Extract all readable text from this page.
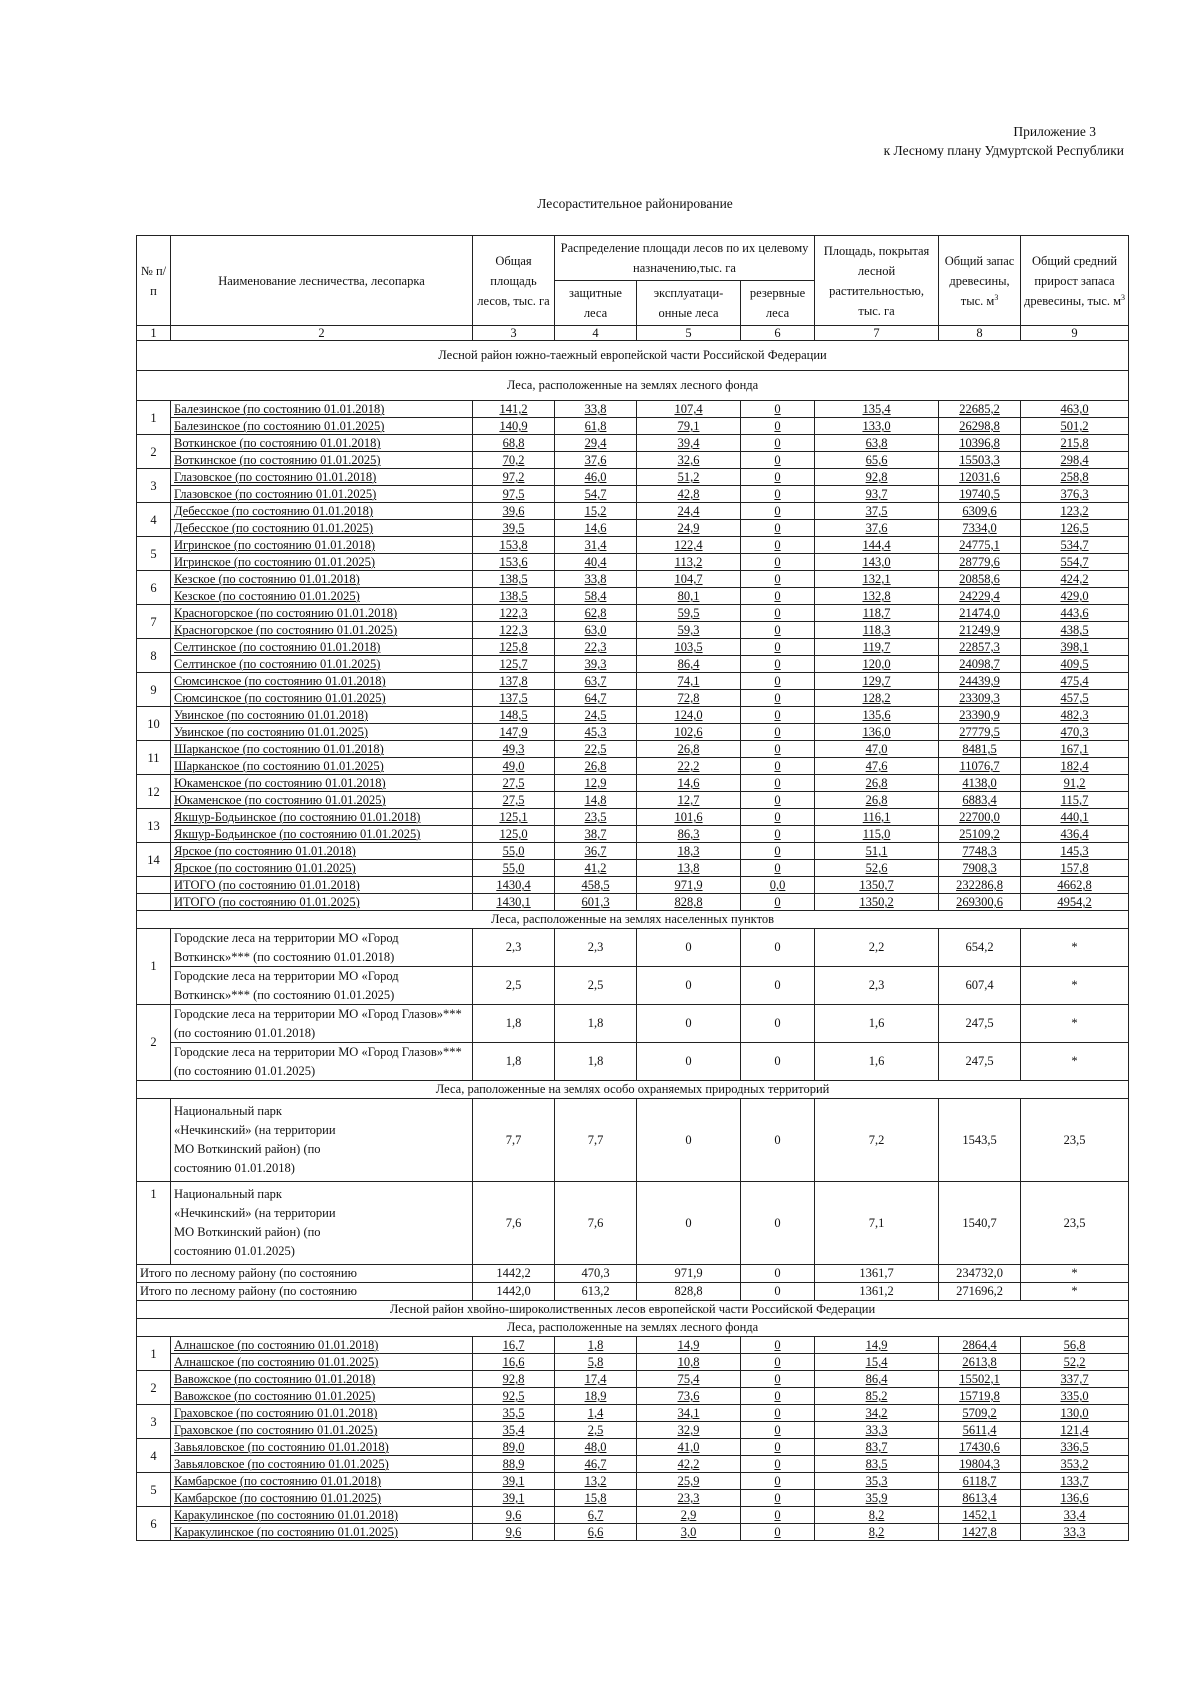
Приложение 3
к Лесному плану Удмуртской Республики
Лесорастительное районирование
№ п/п	Наименование лесничества, лесопарка	Общая площадь лесов, тыс. га	Распределение площади лесов по их целевому назначению,тыс. га			Площадь, покрытая лесной растительностью, тыс. га	Общий запас древесины, тыс. $м^3$	Общий средний прирост запаса древесины, тыс. $м^3$
			защитные леса	эксплуатаци-онные леса	резервные леса			
1	2	3	4	5	6	7	8	9
Лесной район южно-таежный европейской части Российской Федерации								
Леса, расположенные на землях лесного фонда								
1	Балезинское (по состоянию 01.01.2018)	141,2	33,8	107,4	0	135,4	22685,2	463,0
	Балезинское (по состоянию 01.01.2025)	140,9	61,8	79,1	0	133,0	26298,8	501,2
2	Воткинское (по состоянию 01.01.2018)	68,8	29,4	39,4	0	63,8	10396,8	215,8
	Воткинское (по состоянию 01.01.2025)	70,2	37,6	32,6	0	65,6	15503,3	298,4
3	Глазовское (по состоянию 01.01.2018)	97,2	46,0	51,2	0	92,8	12031,6	258,8
	Глазовское (по состоянию 01.01.2025)	97,5	54,7	42,8	0	93,7	19740,5	376,3
4	Дебесское (по состоянию 01.01.2018)	39,6	15,2	24,4	0	37,5	6309,6	123,2
	Дебесское (по состоянию 01.01.2025)	39,5	14,6	24,9	0	37,6	7334,0	126,5
5	Игринское (по состоянию 01.01.2018)	153,8	31,4	122,4	0	144,4	24775,1	534,7
	Игринское (по состоянию 01.01.2025)	153,6	40,4	113,2	0	143,0	28779,6	554,7
6	Кезское (по состоянию 01.01.2018)	138,5	33,8	104,7	0	132,1	20858,6	424,2
	Кезское (по состоянию 01.01.2025)	138,5	58,4	80,1	0	132,8	24229,4	429,0
7	Красногорское (по состоянию 01.01.2018)	122,3	62,8	59,5	0	118,7	21474,0	443,6
	Красногорское (по состоянию 01.01.2025)	122,3	63,0	59,3	0	118,3	21249,9	438,5
8	Селтинское (по состоянию 01.01.2018)	125,8	22,3	103,5	0	119,7	22857,3	398,1
	Селтинское (по состоянию 01.01.2025)	125,7	39,3	86,4	0	120,0	24098,7	409,5
9	Сюмсинское (по состоянию 01.01.2018)	137,8	63,7	74,1	0	129,7	24439,9	475,4
	Сюмсинское (по состоянию 01.01.2025)	137,5	64,7	72,8	0	128,2	23309,3	457,5
10	Увинское (по состоянию 01.01.2018)	148,5	24,5	124,0	0	135,6	23390,9	482,3
	Увинское (по состоянию 01.01.2025)	147,9	45,3	102,6	0	136,0	27779,5	470,3
11	Шарканское (по состоянию 01.01.2018)	49,3	22,5	26,8	0	47,0	8481,5	167,1
	Шарканское (по состоянию 01.01.2025)	49,0	26,8	22,2	0	47,6	11076,7	182,4
12	Юкаменское (по состоянию 01.01.2018)	27,5	12,9	14,6	0	26,8	4138,0	91,2
	Юкаменское (по состоянию 01.01.2025)	27,5	14,8	12,7	0	26,8	6883,4	115,7
13	Якшур-Бодьинское (по состоянию 01.01.2018)	125,1	23,5	101,6	0	116,1	22700,0	440,1
	Якшур-Бодьинское (по состоянию 01.01.2025)	125,0	38,7	86,3	0	115,0	25109,2	436,4
14	Ярское (по состоянию 01.01.2018)	55,0	36,7	18,3	0	51,1	7748,3	145,3
	Ярское (по состоянию 01.01.2025)	55,0	41,2	13,8	0	52,6	7908,3	157,8
	ИТОГО (по состоянию 01.01.2018)	1430,4	458,5	971,9	0,0	1350,7	232286,8	4662,8
	ИТОГО (по состоянию 01.01.2025)	1430,1	601,3	828,8	0	1350,2	269300,6	4954,2
Леса, расположенные на землях населенных пунктов								
1	Городские леса на территории МО «Город Воткинск»*** (по состоянию 01.01.2018)	2,3	2,3	0	0	2,2	654,2	*
	Городские леса на территории МО «Город Воткинск»*** (по состоянию 01.01.2025)	2,5	2,5	0	0	2,3	607,4	*
2	Городские леса на территории МО «Город Глазов»*** (по состоянию 01.01.2018)	1,8	1,8	0	0	1,6	247,5	*
	Городские леса на территории МО «Город Глазов»*** (по состоянию 01.01.2025)	1,8	1,8	0	0	1,6	247,5	*
Леса, раположенные на землях особо охраняемых природных территорий								
	Национальный парк «Нечкинский» (на территории МО Воткинский район) (по состоянию 01.01.2018)	7,7	7,7	0	0	7,2	1543,5	23,5
1	Национальный парк «Нечкинский» (на территории МО Воткинский район) (по состоянию 01.01.2025)	7,6	7,6	0	0	7,1	1540,7	23,5
Итого по лесному району (по состоянию		1442,2	470,3	971,9	0	1361,7	234732,0	*
Итого по лесному району (по состоянию		1442,0	613,2	828,8	0	1361,2	271696,2	*
Лесной район хвойно-широколиственных лесов европейской части Российской Федерации								
Леса, расположенные на землях лесного фонда								
1	Алнашское (по состоянию 01.01.2018)	16,7	1,8	14,9	0	14,9	2864,4	56,8
	Алнашское (по состоянию 01.01.2025)	16,6	5,8	10,8	0	15,4	2613,8	52,2
2	Вавожское (по состоянию 01.01.2018)	92,8	17,4	75,4	0	86,4	15502,1	337,7
	Вавожское (по состоянию 01.01.2025)	92,5	18,9	73,6	0	85,2	15719,8	335,0
3	Граховское (по состоянию 01.01.2018)	35,5	1,4	34,1	0	34,2	5709,2	130,0
	Граховское (по состоянию 01.01.2025)	35,4	2,5	32,9	0	33,3	5611,4	121,4
4	Завьяловское (по состоянию 01.01.2018)	89,0	48,0	41,0	0	83,7	17430,6	336,5
	Завьяловское (по состоянию 01.01.2025)	88,9	46,7	42,2	0	83,5	19804,3	353,2
5	Камбарское (по состоянию 01.01.2018)	39,1	13,2	25,9	0	35,3	6118,7	133,7
	Камбарское (по состоянию 01.01.2025)	39,1	15,8	23,3	0	35,9	8613,4	136,6
6	Каракулинское (по состоянию 01.01.2018)	9,6	6,7	2,9	0	8,2	1452,1	33,4
	Каракулинское (по состоянию 01.01.2025)	9,6	6,6	3,0	0	8,2	1427,8	33,3
